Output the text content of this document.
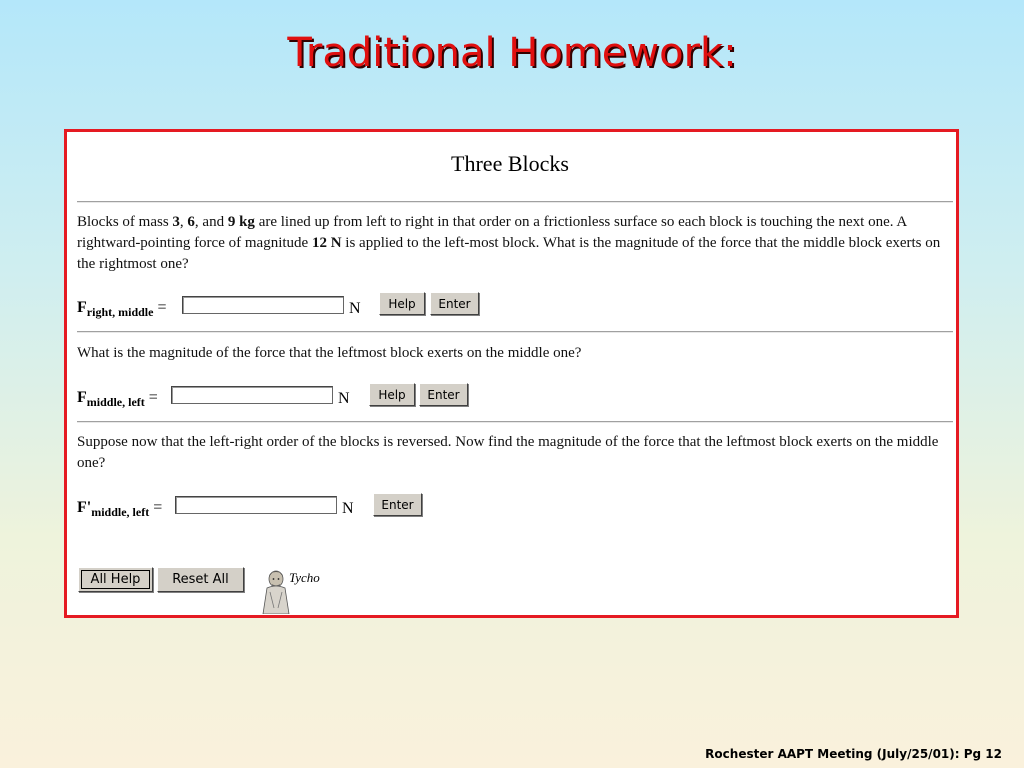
Traditional Homework:
Three Blocks
Blocks of mass 3, 6, and 9 kg are lined up from left to right in that order on a frictionless surface so each block is touching the next one. A rightward-pointing force of magnitude 12 N is applied to the left-most block. What is the magnitude of the force that the middle block exerts on the rightmost one?
$F_{right, middle}$ =	N	Help	Enter
What is the magnitude of the force that the leftmost block exerts on the middle one?
$F_{middle, left}$ =	N	Help	Enter
Suppose now that the left-right order of the blocks is reversed. Now find the magnitude of the force that the leftmost block exerts on the middle one?
$F'_{middle, left}$ =	N	Enter
All Help	Reset All	Tycho
Rochester AAPT Meeting (July/25/01): Pg 12
